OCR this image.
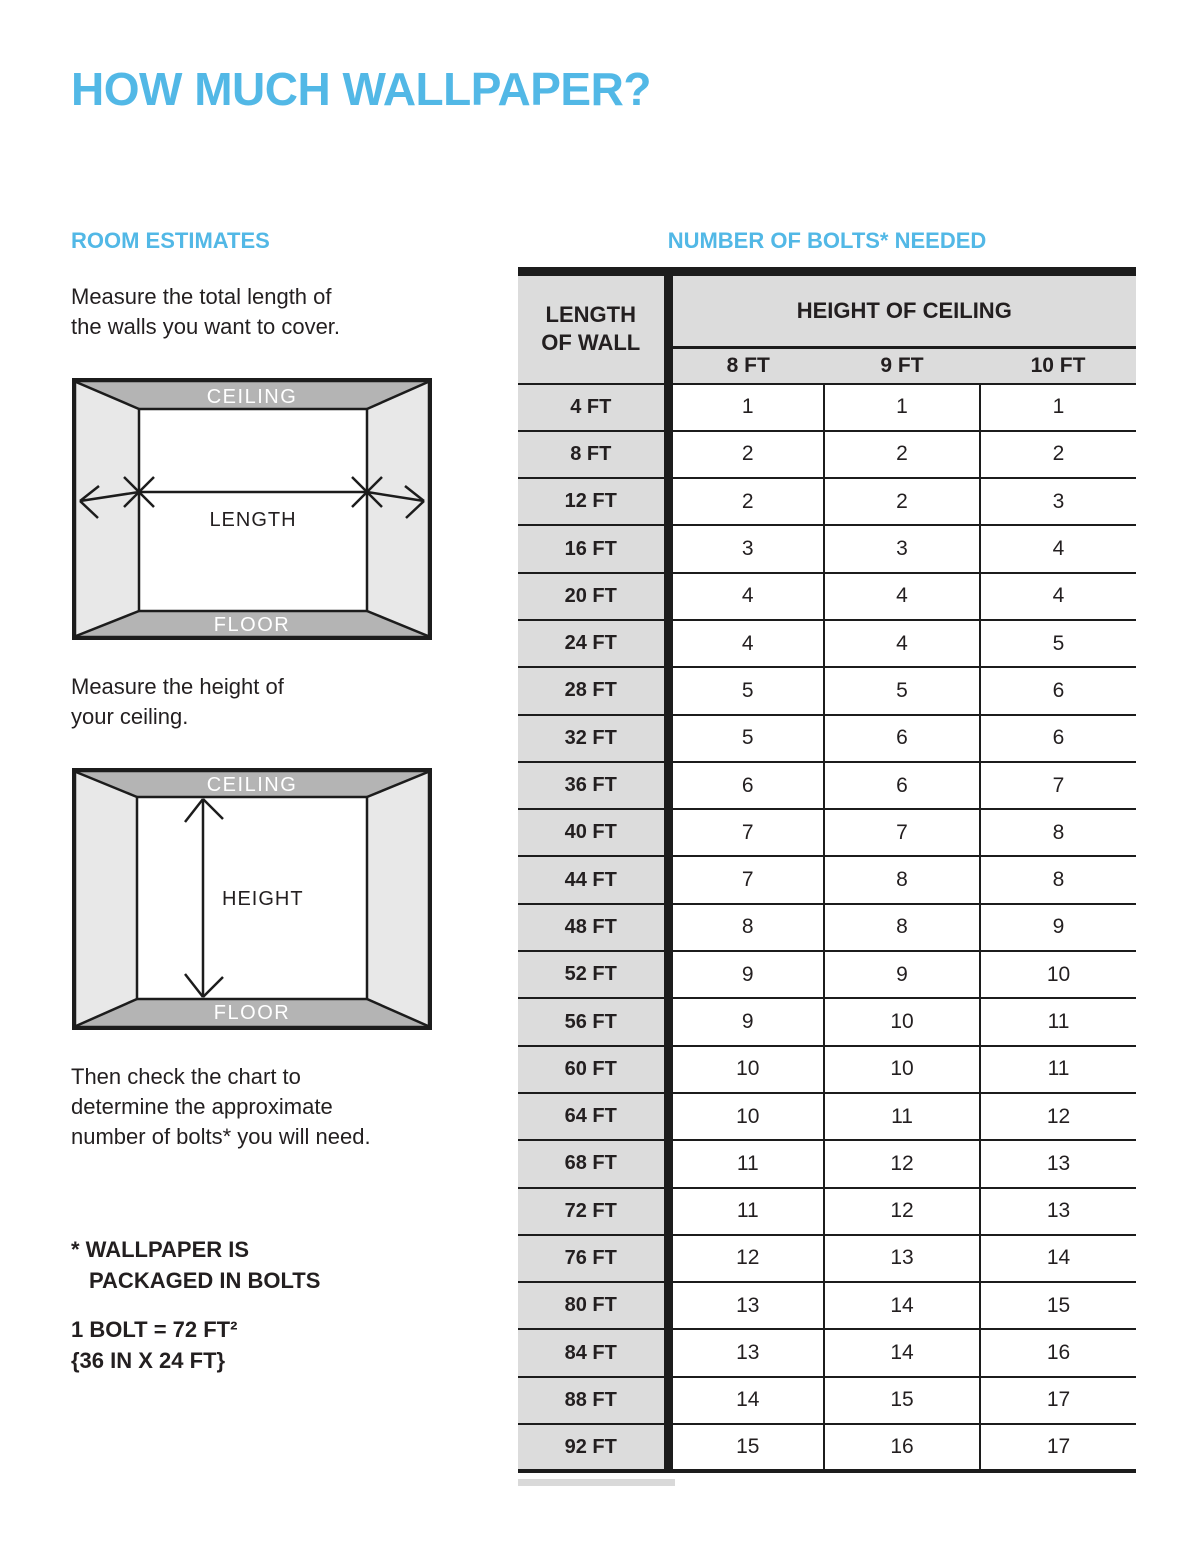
HOW MUCH WALLPAPER?
ROOM ESTIMATES	NUMBER OF BOLTS* NEEDED

Measure the total length of
the walls you want to cover.

CEILING
FLOOR
LENGTH

Measure the height of
your ceiling.

CEILING
FLOOR
HEIGHT

Then check the chart to
determine the approximate
number of bolts* you will need.

* WALLPAPER IS
PACKAGED IN BOLTS

1 BOLT = 72 FT²
{36 IN X 24 FT}

LENGTH
OF WALL	HEIGHT OF CEILING		
	8 FT	9 FT	10 FT
4 FT	1	1	1
8 FT	2	2	2
12 FT	2	2	3
16 FT	3	3	4
20 FT	4	4	4
24 FT	4	4	5
28 FT	5	5	6
32 FT	5	6	6
36 FT	6	6	7
40 FT	7	7	8
44 FT	7	8	8
48 FT	8	8	9
52 FT	9	9	10
56 FT	9	10	11
60 FT	10	10	11
64 FT	10	11	12
68 FT	11	12	13
72 FT	11	12	13
76 FT	12	13	14
80 FT	13	14	15
84 FT	13	14	16
88 FT	14	15	17
92 FT	15	16	17
